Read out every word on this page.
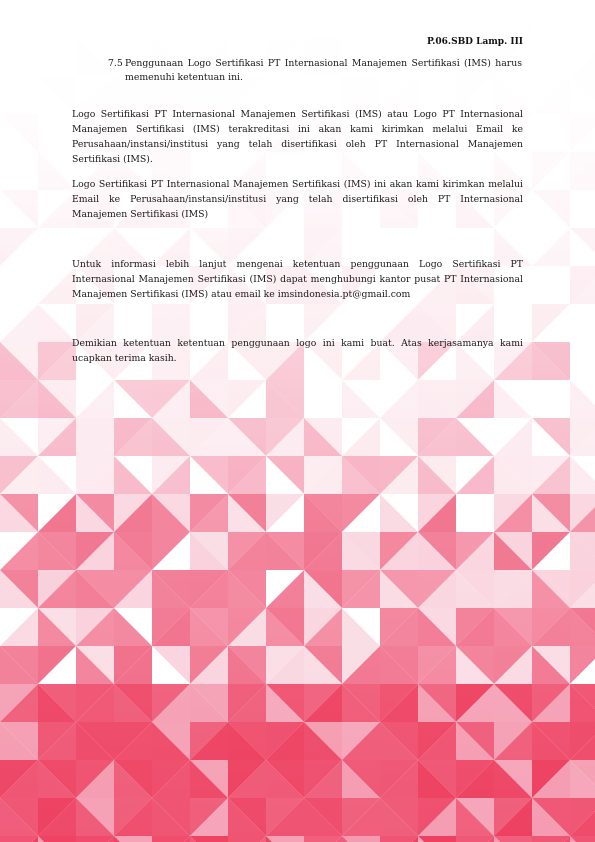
P.06.SBD Lamp. III
7.5 Penggunaan Logo Sertifikasi PT Internasional Manajemen Sertifikasi (IMS) harus memenuhi ketentuan ini.

Logo Sertifikasi PT Internasional Manajemen Sertifikasi (IMS) atau Logo PT Internasional Manajemen Sertifikasi (IMS) terakreditasi ini akan kami kirimkan melalui Email ke Perusahaan/instansi/institusi yang telah disertifikasi oleh PT Internasional Manajemen Sertifikasi (IMS).

Logo Sertifikasi PT Internasional Manajemen Sertifikasi (IMS) ini akan kami kirimkan melalui Email ke Perusahaan/instansi/institusi yang telah disertifikasi oleh PT Internasional Manajemen Sertifikasi (IMS)

Untuk informasi lebih lanjut mengenai ketentuan penggunaan Logo Sertifikasi PT Internasional Manajemen Sertifikasi (IMS) dapat menghubungi kantor pusat PT Internasional Manajemen Sertifikasi (IMS) atau email ke imsindonesia.pt@gmail.com

Demikian ketentuan ketentuan penggunaan logo ini kami buat. Atas kerjasamanya kami ucapkan terima kasih.
